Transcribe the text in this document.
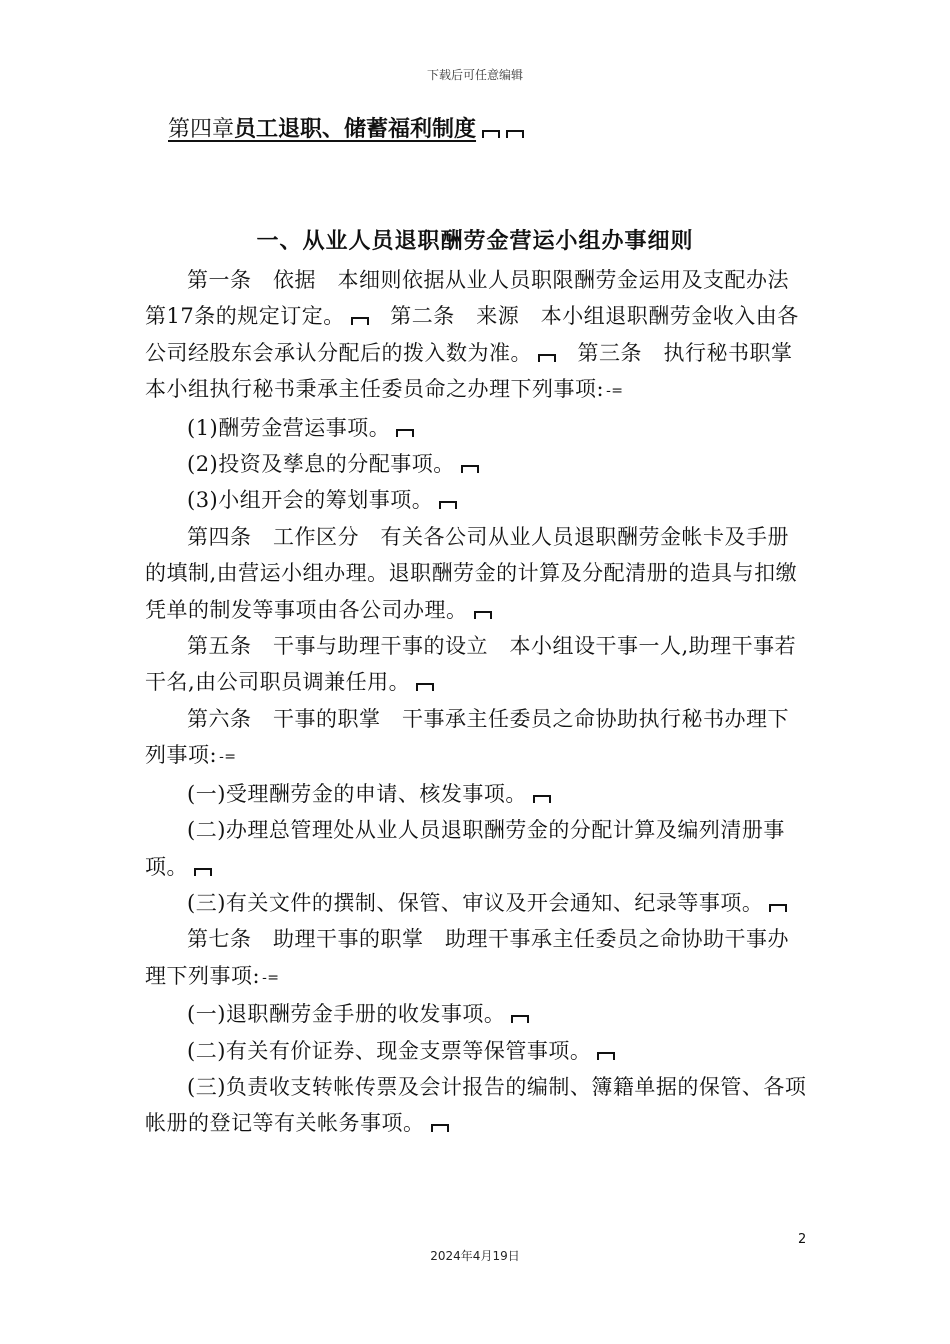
下载后可任意编辑
第四章员工退职、储蓄福利制度
一、从业人员退职酬劳金营运小组办事细则

第一条　依据　本细则依据从业人员职限酬劳金运用及支配办法第17条的规定订定。　 第二条　来源　本小组退职酬劳金收入由各公司经股东会承认分配后的拨入数为准。　 第三条　执行秘书职掌　本小组执行秘书秉承主任委员命之办理下列事项: -=

(1)酬劳金营运事项。

(2)投资及孳息的分配事项。

(3)小组开会的筹划事项。

第四条　工作区分　有关各公司从业人员退职酬劳金帐卡及手册的填制,由营运小组办理。退职酬劳金的计算及分配清册的造具与扣缴凭单的制发等事项由各公司办理。

第五条　干事与助理干事的设立　本小组设干事一人,助理干事若干名,由公司职员调兼任用。

第六条　干事的职掌　干事承主任委员之命协助执行秘书办理下列事项: -=

(一)受理酬劳金的申请、核发事项。

(二)办理总管理处从业人员退职酬劳金的分配计算及编列清册事项。

(三)有关文件的撰制、保管、审议及开会通知、纪录等事项。

第七条　助理干事的职掌　助理干事承主任委员之命协助干事办理下列事项: -=

(一)退职酬劳金手册的收发事项。

(二)有关有价证券、现金支票等保管事项。

(三)负责收支转帐传票及会计报告的编制、簿籍单据的保管、各项帐册的登记等有关帐务事项。

2
2024年4月19日
